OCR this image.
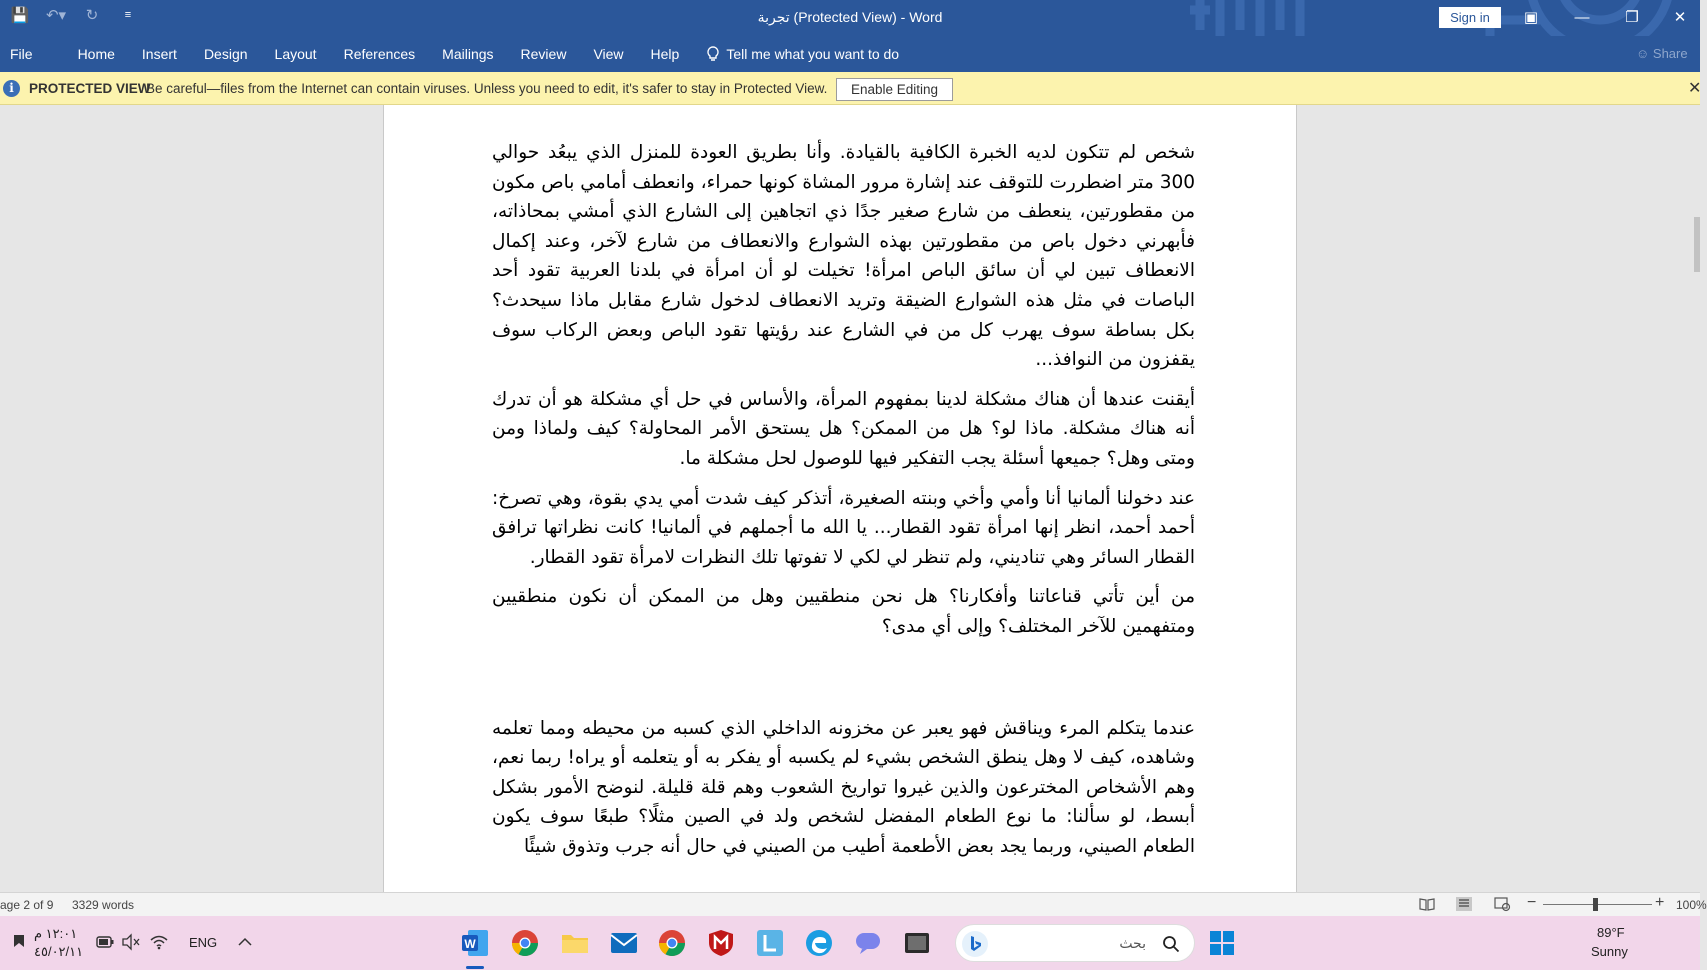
💾 ↶▾	↻	≡	تجربة (Protected View) - Word	Sign in	▣	—	❐	✕
File	Home Insert Design Layout References Mailings Review View Help	Tell me what you want to do	☺ Share
i	PROTECTED VIEW
Be careful—files from the Internet can contain viruses. Unless you need to edit, it's safer to stay in Protected View.	Enable Editing	✕

شخص لم تتكون لديه الخبرة الكافية بالقيادة. وأنا بطريق العودة للمنزل الذي يبعُد حوالي 300 متر اضطررت للتوقف عند إشارة مرور المشاة كونها حمراء، وانعطف أمامي باص مكون من مقطورتين، ينعطف من شارع صغير جدًا ذي اتجاهين إلى الشارع الذي أمشي بمحاذاته، فأبهرني دخول باص من مقطورتين بهذه الشوارع والانعطاف من شارع لآخر، وعند إكمال الانعطاف تبين لي أن سائق الباص امرأة! تخيلت لو أن امرأة في بلدنا العربية تقود أحد الباصات في مثل هذه الشوارع الضيقة وتريد الانعطاف لدخول شارع مقابل ماذا سيحدث؟ بكل بساطة سوف يهرب كل من في الشارع عند رؤيتها تقود الباص وبعض الركاب سوف يقفزون من النوافذ...

أيقنت عندها أن هناك مشكلة لدينا بمفهوم المرأة، والأساس في حل أي مشكلة هو أن تدرك أنه هناك مشكلة. ماذا لو؟ هل من الممكن؟ هل يستحق الأمر المحاولة؟ كيف ولماذا ومن ومتى وهل؟ جميعها أسئلة يجب التفكير فيها للوصول لحل مشكلة ما.

عند دخولنا ألمانيا أنا وأمي وأخي وبنته الصغيرة، أتذكر كيف شدت أمي يدي بقوة، وهي تصرخ: أحمد أحمد، انظر إنها امرأة تقود القطار... يا الله ما أجملهم في ألمانيا! كانت نظراتها ترافق القطار السائر وهي تناديني، ولم تنظر لي لكي لا تفوتها تلك النظرات لامرأة تقود القطار.

من أين تأتي قناعاتنا وأفكارنا؟ هل نحن منطقيين وهل من الممكن أن نكون منطقيين ومتفهمين للآخر المختلف؟ وإلى أي مدى؟

عندما يتكلم المرء ويناقش فهو يعبر عن مخزونه الداخلي الذي كسبه من محيطه ومما تعلمه وشاهده، كيف لا وهل ينطق الشخص بشيء لم يكسبه أو يفكر به أو يتعلمه أو يراه! ربما نعم، وهم الأشخاص المخترعون والذين غيروا تواريخ الشعوب وهم قلة قليلة. لنوضح الأمور بشكل أبسط، لو سألنا: ما نوع الطعام المفضل لشخص ولد في الصين مثلًا؟ طبعًا سوف يكون الطعام الصيني، وربما يجد بعض الأطعمة أطيب من الصيني في حال أنه جرب وتذوق شيئًا

age 2 of 9 3329 words	−	+ 100%
١٢:٠١ م
٤٥/٠٢/١١
ENG	W	بحث
89°F
Sunny
